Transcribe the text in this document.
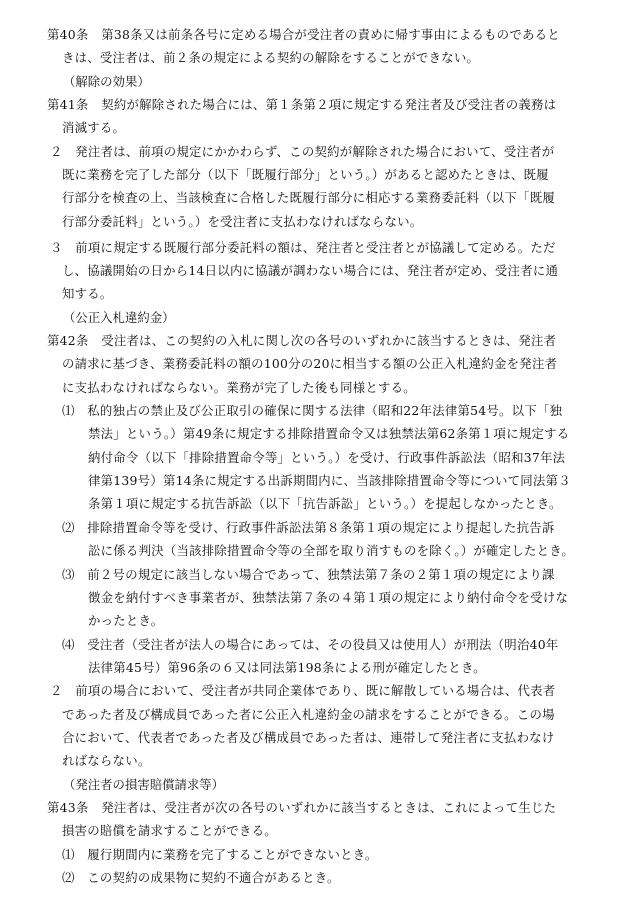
第40条　第38条又は前条各号に定める場合が受注者の責めに帰す事由によるものであると
きは、受注者は、前２条の規定による契約の解除をすることができない。
（解除の効果）
第41条　契約が解除された場合には、第１条第２項に規定する発注者及び受注者の義務は
消滅する。
２　発注者は、前項の規定にかかわらず、この契約が解除された場合において、受注者が
既に業務を完了した部分（以下「既履行部分」という。）があると認めたときは、既履
行部分を検査の上、当該検査に合格した既履行部分に相応する業務委託料（以下「既履
行部分委託料」という。）を受注者に支払わなければならない。
３　前項に規定する既履行部分委託料の額は、発注者と受注者とが協議して定める。ただ
し、協議開始の日から14日以内に協議が調わない場合には、発注者が定め、受注者に通
知する。
（公正入札違約金）
第42条　受注者は、この契約の入札に関し次の各号のいずれかに該当するときは、発注者
の請求に基づき、業務委託料の額の100分の20に相当する額の公正入札違約金を発注者
に支払わなければならない。業務が完了した後も同様とする。
⑴　私的独占の禁止及び公正取引の確保に関する法律（昭和22年法律第54号。以下「独
禁法」という。）第49条に規定する排除措置命令又は独禁法第62条第１項に規定する
納付命令（以下「排除措置命令等」という。）を受け、行政事件訴訟法（昭和37年法
律第139号）第14条に規定する出訴期間内に、当該排除措置命令等について同法第３
条第１項に規定する抗告訴訟（以下「抗告訴訟」という。）を提起しなかったとき。
⑵　排除措置命令等を受け、行政事件訴訟法第８条第１項の規定により提起した抗告訴
訟に係る判決（当該排除措置命令等の全部を取り消すものを除く。）が確定したとき。
⑶　前２号の規定に該当しない場合であって、独禁法第７条の２第１項の規定により課
徴金を納付すべき事業者が、独禁法第７条の４第１項の規定により納付命令を受けな
かったとき。
⑷　受注者（受注者が法人の場合にあっては、その役員又は使用人）が刑法（明治40年
法律第45号）第96条の６又は同法第198条による刑が確定したとき。
２　前項の場合において、受注者が共同企業体であり、既に解散している場合は、代表者
であった者及び構成員であった者に公正入札違約金の請求をすることができる。この場
合において、代表者であった者及び構成員であった者は、連帯して発注者に支払わなけ
ればならない。
（発注者の損害賠償請求等）
第43条　発注者は、受注者が次の各号のいずれかに該当するときは、これによって生じた
損害の賠償を請求することができる。
⑴　履行期間内に業務を完了することができないとき。
⑵　この契約の成果物に契約不適合があるとき。
